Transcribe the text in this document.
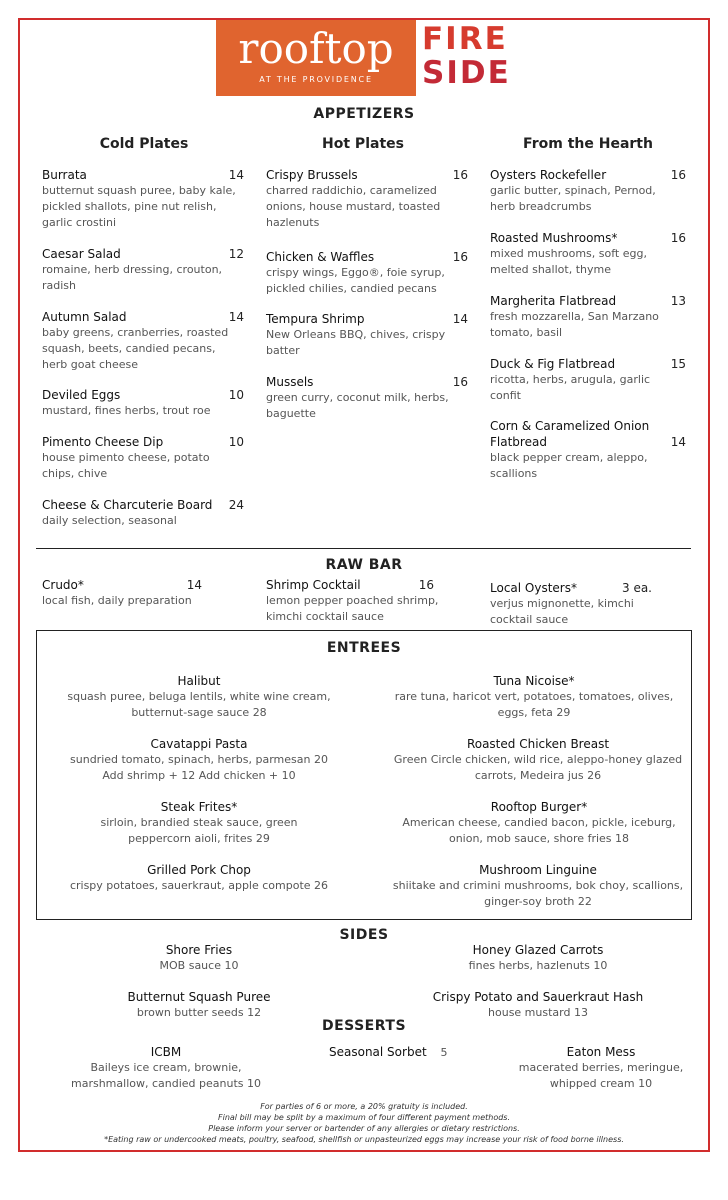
rooftop
AT THE PROVIDENCE
FIRE
SIDE
APPETIZERS
Cold Plates	Hot Plates	From the Hearth
Burrata	14
butternut squash puree, baby kale, pickled shallots, pine nut relish, garlic crostini
Caesar Salad	12
romaine, herb dressing, crouton, radish
Autumn Salad	14
baby greens, cranberries, roasted squash, beets, candied pecans, herb goat cheese
Deviled Eggs	10
mustard, fines herbs, trout roe
Pimento Cheese Dip	10
house pimento cheese, potato chips, chive
Cheese & Charcuterie Board	24
daily selection, seasonal
Crispy Brussels	16
charred raddichio, caramelized onions, house mustard, toasted hazlenuts
Chicken & Waffles	16
crispy wings, Eggo®, foie syrup, pickled chilies, candied pecans
Tempura Shrimp	14
New Orleans BBQ, chives, crispy batter
Mussels	16
green curry, coconut milk, herbs, baguette
Oysters Rockefeller	16
garlic butter, spinach, Pernod, herb breadcrumbs
Roasted Mushrooms*	16
mixed mushrooms, soft egg, melted shallot, thyme
Margherita Flatbread	13
fresh mozzarella, San Marzano tomato, basil
Duck & Fig Flatbread	15
ricotta, herbs, arugula, garlic confit
Corn & Caramelized Onion Flatbread	14
black pepper cream, aleppo, scallions
RAW BAR
Crudo*	14
local fish, daily preparation
Shrimp Cocktail	16
lemon pepper poached shrimp, kimchi cocktail sauce
Local Oysters*	3 ea.
verjus mignonette, kimchi cocktail sauce
ENTREES
Halibut
squash puree, beluga lentils, white wine cream, butternut-sage sauce 28
Tuna Nicoise*
rare tuna, haricot vert, potatoes, tomatoes, olives, eggs, feta 29
Cavatappi Pasta
sundried tomato, spinach, herbs, parmesan 20 Add shrimp + 12 Add chicken + 10
Roasted Chicken Breast
Green Circle chicken, wild rice, aleppo-honey glazed carrots, Medeira jus 26
Steak Frites*
sirloin, brandied steak sauce, green peppercorn aioli, frites 29
Rooftop Burger*
American cheese, candied bacon, pickle, iceburg, onion, mob sauce, shore fries 18
Grilled Pork Chop
crispy potatoes, sauerkraut, apple compote 26
Mushroom Linguine
shiitake and crimini mushrooms, bok choy, scallions, ginger-soy broth 22
SIDES
Shore Fries
MOB sauce 10
Honey Glazed Carrots
fines herbs, hazlenuts 10
Butternut Squash Puree
brown butter seeds 12
Crispy Potato and Sauerkraut Hash
house mustard 13
DESSERTS
ICBM
Baileys ice cream, brownie, marshmallow, candied peanuts 10
Seasonal Sorbet 5	Eaton Mess
macerated berries, meringue, whipped cream 10
For parties of 6 or more, a 20% gratuity is included.
Final bill may be split by a maximum of four different payment methods.
Please inform your server or bartender of any allergies or dietary restrictions.
*Eating raw or undercooked meats, poultry, seafood, shellfish or unpasteurized eggs may increase your risk of food borne illness.
